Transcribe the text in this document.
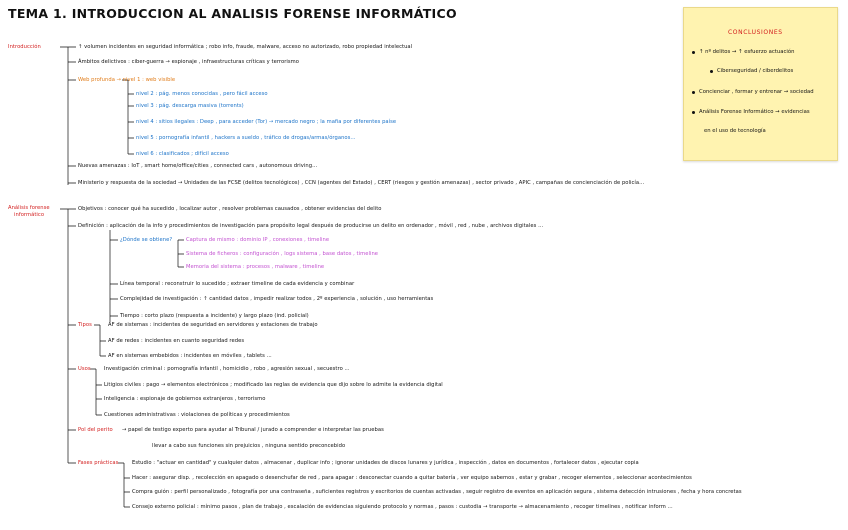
TEMA 1. INTRODUCCION AL ANALISIS FORENSE INFORMÁTICO
Introducción	↑ volumen incidentes en seguridad informática ; robo info, fraude, malware, acceso no autorizado, robo propiedad intelectual
Ámbitos delictivos : ciber-guerra → espionaje , infraestructuras críticas y terrorismo
Web profunda → nivel 1 : web visible
nivel 2 : pág. menos conocidas , pero fácil acceso
nivel 3 : pág. descarga masiva (torrents)
nivel 4 : sitios ilegales : Deep , para acceder (Tor) → mercado negro ; la mafia por diferentes paíse
nivel 5 : pornografía infantil , hackers a sueldo , tráfico de drogas/armas/órganos...
nivel 6 : clasificados ; difícil acceso
Nuevas amenazas : IoT , smart home/office/cities , connected cars , autonomous driving...
Ministerio y respuesta de la sociedad → Unidades de las FCSE (delitos tecnológicos) , CCN (agentes del Estado) , CERT (riesgos y gestión amenazas) , sector privado , APIC , campañas de concienciación de policía...
Análisis forense
informático
Objetivos : conocer qué ha sucedido , localizar autor , resolver problemas causados , obtener evidencias del delito
Definición : aplicación de la info y procedimientos de investigación para propósito legal después de producirse un delito en ordenador , móvil , red , nube , archivos digitales ...
¿Dónde se obtiene?	Captura de mismo : dominio IP , conexiones , timeline
Sistema de ficheros : configuración , logs sistema , base datos , timeline
Memoria del sistema : procesos , malware , timeline
Línea temporal : reconstruir lo sucedido ; extraer timeline de cada evidencia y combinar
Complejidad de investigación : ↑ cantidad datos , impedir realizar todos , 2º experiencia , solución , uso herramientas
Tiempo : corto plazo (respuesta a incidente) y largo plazo (ind. policial)
Tipos	AF de sistemas : incidentes de seguridad en servidores y estaciones de trabajo
AF de redes : incidentes en cuanto seguridad redes
AF en sistemas embebidos : incidentes en móviles , tablets ...
Usos	Investigación criminal : pornografía infantil , homicidio , robo , agresión sexual , secuestro ...
Litigios civiles : pago → elementos electrónicos ; modificado las reglas de evidencia que dijo sobre lo admite la evidencia digital
Inteligencia : espionaje de gobiernos extranjeros , terrorismo
Cuestiones administrativas : violaciones de políticas y procedimientos
Pol del perito → papel de testigo experto para ayudar al Tribunal / jurado a comprender e interpretar las pruebas
llevar a cabo sus funciones sin prejuicios , ninguna sentido preconcebido
Fases prácticas	Estudio : "actuar en cantidad" y cualquier datos , almacenar , duplicar info ; ignorar unidades de discos lunares y jurídica , inspección , datos en documentos , fortalecer datos , ejecutar copia
Hacer : asegurar disp. , recolección en apagado o desenchufar de red , para apagar : desconectar cuando a quitar batería , ver equipo sabemos , estar y grabar , recoger elementos , seleccionar acontecimientos
Compra guión : perfil personalizado , fotografía por una contraseña , suficientes registros y escritorios de cuentas activadas , seguir registro de eventos en aplicación segura , sistema detección intrusiones , fecha y hora concretas
Consejo externo policial : mínimo pasos , plan de trabajo , escalación de evidencias siguiendo protocolo y normas , pasos : custodia → transporte → almacenamiento , recoger timelines , notificar inform ...
CONCLUSIONES
↑ nº delitos → ↑ esfuerzo actuación
Ciberseguridad / ciberdelitos
Concienciar , formar y entrenar → sociedad
Análisis Forense Informático → evidencias
en el uso de tecnología
